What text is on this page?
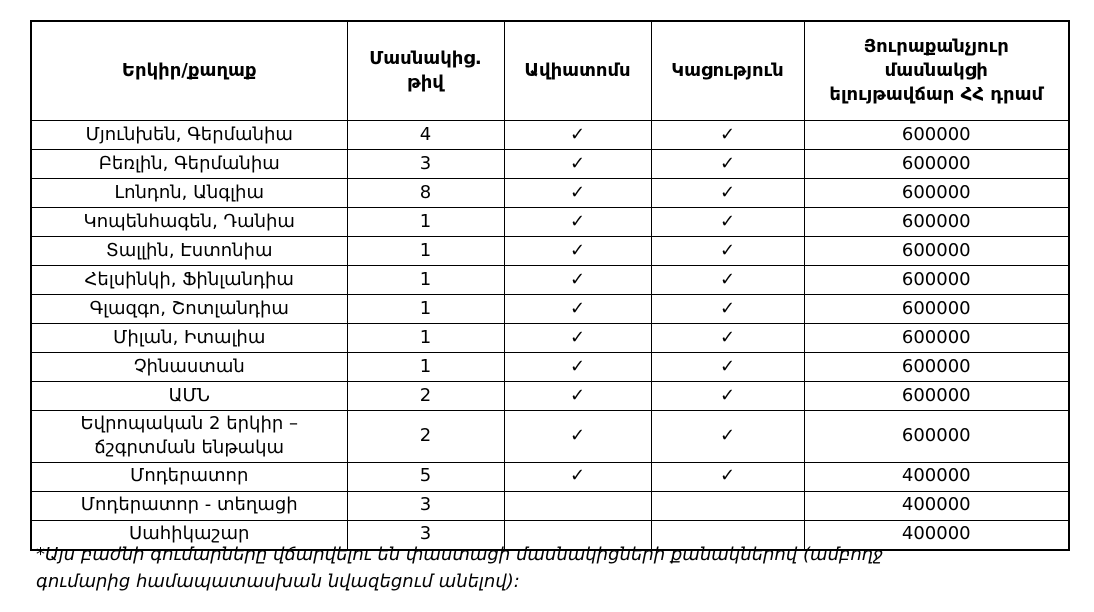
Երկիր/քաղաք	Մասնակից. թիվ	Ավիատոմս	Կացություն	Յուրաքանչյուր մասնակցի ելույթավճար ՀՀ դրամ
Մյունխեն, Գերմանիա	4	✓	✓	600000
Բեռլին, Գերմանիա	3	✓	✓	600000
Լոնդոն, Անգլիա	8	✓	✓	600000
Կոպենհագեն, Դանիա	1	✓	✓	600000
Տալլին, Էստոնիա	1	✓	✓	600000
Հելսինկի, Ֆինլանդիա	1	✓	✓	600000
Գլազգո, Շոտլանդիա	1	✓	✓	600000
Միլան, Իտալիա	1	✓	✓	600000
Չինաստան	1	✓	✓	600000
ԱՄՆ	2	✓	✓	600000
Եվրոպական 2 երկիր – ճշգրտման ենթակա	2	✓	✓	600000
Մոդերատոր	5	✓	✓	400000
Մոդերատոր - տեղացի	3			400000
Սահիկաշար	3			400000

*Այս բաժնի գումարները վճարվելու են փաստացի մասնակիցների քանակներով (ամբողջ գումարից համապատասխան նվազեցում անելով):
